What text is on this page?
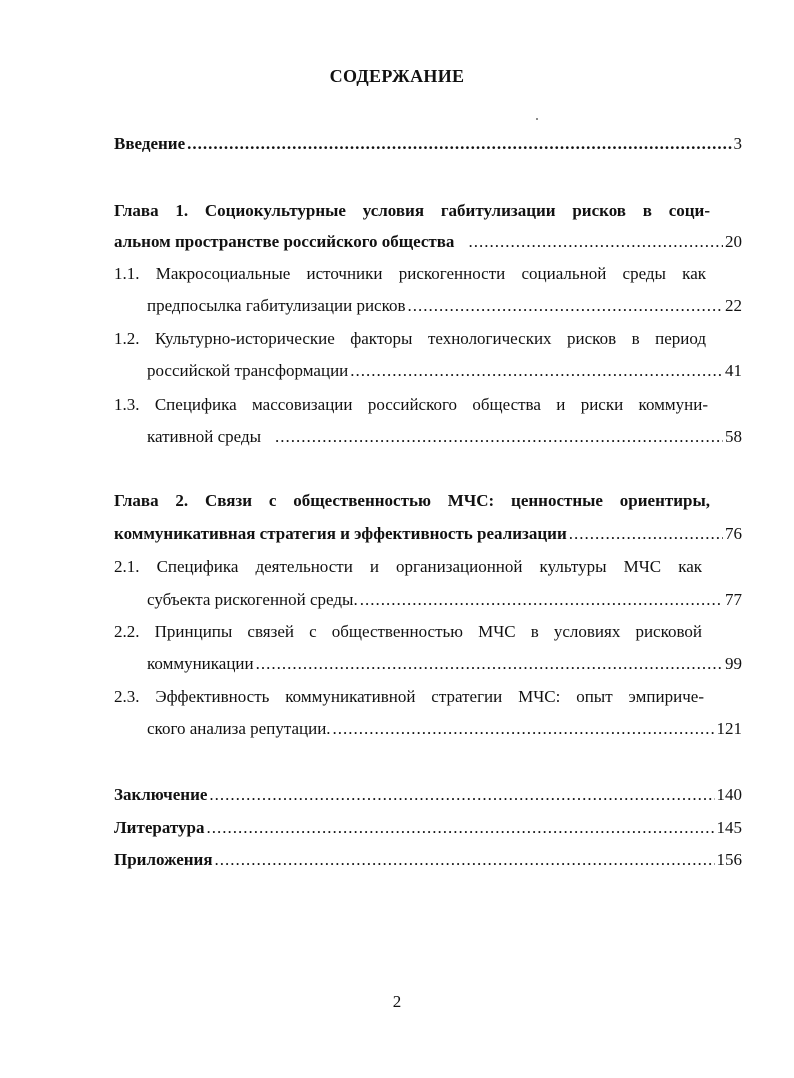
СОДЕРЖАНИЕ
Введение .....	3
Глава 1. Социокультурные условия габитулизации рисков в соци-
альном пространстве российского общества .....	20
1.1. Макросоциальные источники рискогенности социальной среды как
предпосылка габитулизации рисков .....	22
1.2. Культурно-исторические факторы технологических рисков в период
российской трансформации .....	41
1.3. Специфика массовизации российского общества и риски коммуни-
кативной среды .....	58
Глава 2. Связи с общественностью МЧС: ценностные ориентиры,
коммуникативная стратегия и эффективность реализации .....	76
2.1. Специфика деятельности и организационной культуры МЧС как
субъекта рискогенной среды. .....	77
2.2. Принципы связей с общественностью МЧС в условиях рисковой
коммуникации .....	99
2.3. Эффективность коммуникативной стратегии МЧС: опыт эмпириче-
ского анализа репутации. .....	121
Заключение .....	140
Литература .....	145
Приложения .....	156
2
